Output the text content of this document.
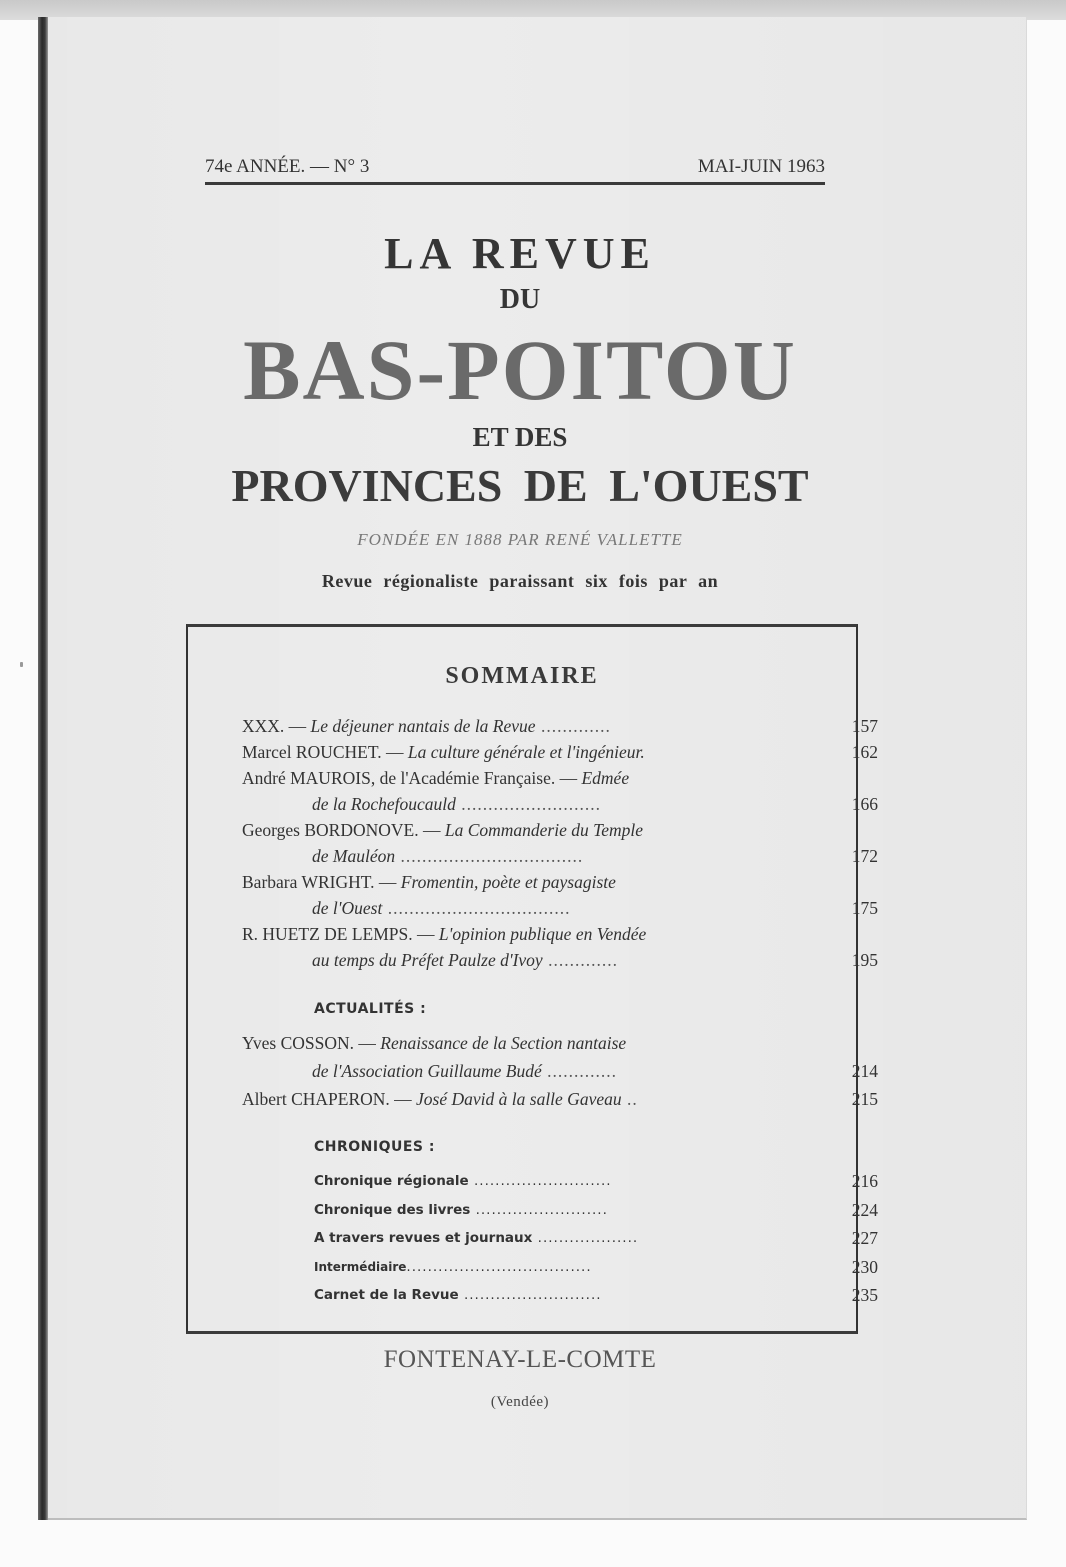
74e ANNÉE. — N° 3	MAI-JUIN 1963
LA REVUE
DU
BAS-POITOU
ET DES
PROVINCES DE L'OUEST
FONDÉE EN 1888 PAR RENÉ VALLETTE
Revue régionaliste paraissant six fois par an
SOMMAIRE
XXX. — Le déjeuner nantais de la Revue .............	157
Marcel ROUCHET. — La culture générale et l'ingénieur.	162
André MAUROIS, de l'Académie Française. — Edmée
de la Rochefoucauld ..........................	166
Georges BORDONOVE. — La Commanderie du Temple
de Mauléon ..................................	172
Barbara WRIGHT. — Fromentin, poète et paysagiste
de l'Ouest ..................................	175
R. HUETZ DE LEMPS. — L'opinion publique en Vendée
au temps du Préfet Paulze d'Ivoy .............	195
ACTUALITÉS :
Yves COSSON. — Renaissance de la Section nantaise
de l'Association Guillaume Budé .............	214
Albert CHAPERON. — José David à la salle Gaveau ..	215
CHRONIQUES :
Chronique régionale ..........................	216
Chronique des livres .........................	224
A travers revues et journaux ...................	227
Intermédiaire...................................	230
Carnet de la Revue ..........................	235
FONTENAY-LE-COMTE
(Vendée)
